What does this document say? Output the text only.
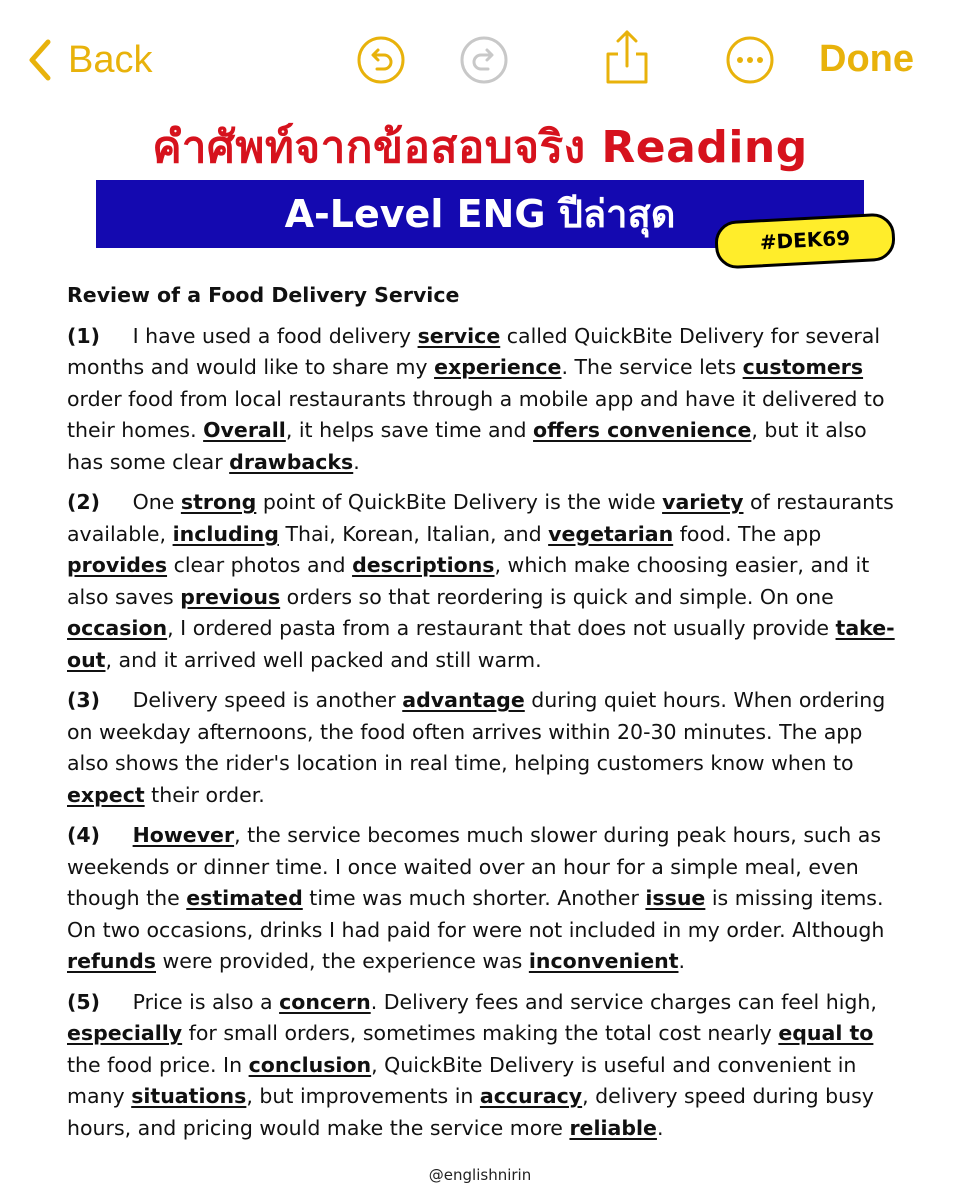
Back	Done
คำศัพท์จากข้อสอบจริง Reading
A-Level ENG ปีล่าสุด
#DEK69
Review of a Food Delivery Service
(1) I have used a food delivery service called QuickBite Delivery for several months and would like to share my experience. The service lets customers order food from local restaurants through a mobile app and have it delivered to their homes. Overall, it helps save time and offers convenience, but it also has some clear drawbacks.
(2) One strong point of QuickBite Delivery is the wide variety of restaurants available, including Thai, Korean, Italian, and vegetarian food. The app provides clear photos and descriptions, which make choosing easier, and it also saves previous orders so that reordering is quick and simple. On one occasion, I ordered pasta from a restaurant that does not usually provide take-out, and it arrived well packed and still warm.
(3) Delivery speed is another advantage during quiet hours. When ordering on weekday afternoons, the food often arrives within 20-30 minutes. The app also shows the rider's location in real time, helping customers know when to expect their order.
(4) However, the service becomes much slower during peak hours, such as weekends or dinner time. I once waited over an hour for a simple meal, even though the estimated time was much shorter. Another issue is missing items. On two occasions, drinks I had paid for were not included in my order. Although refunds were provided, the experience was inconvenient.
(5) Price is also a concern. Delivery fees and service charges can feel high, especially for small orders, sometimes making the total cost nearly equal to the food price. In conclusion, QuickBite Delivery is useful and convenient in many situations, but improvements in accuracy, delivery speed during busy hours, and pricing would make the service more reliable.
@englishnirin
